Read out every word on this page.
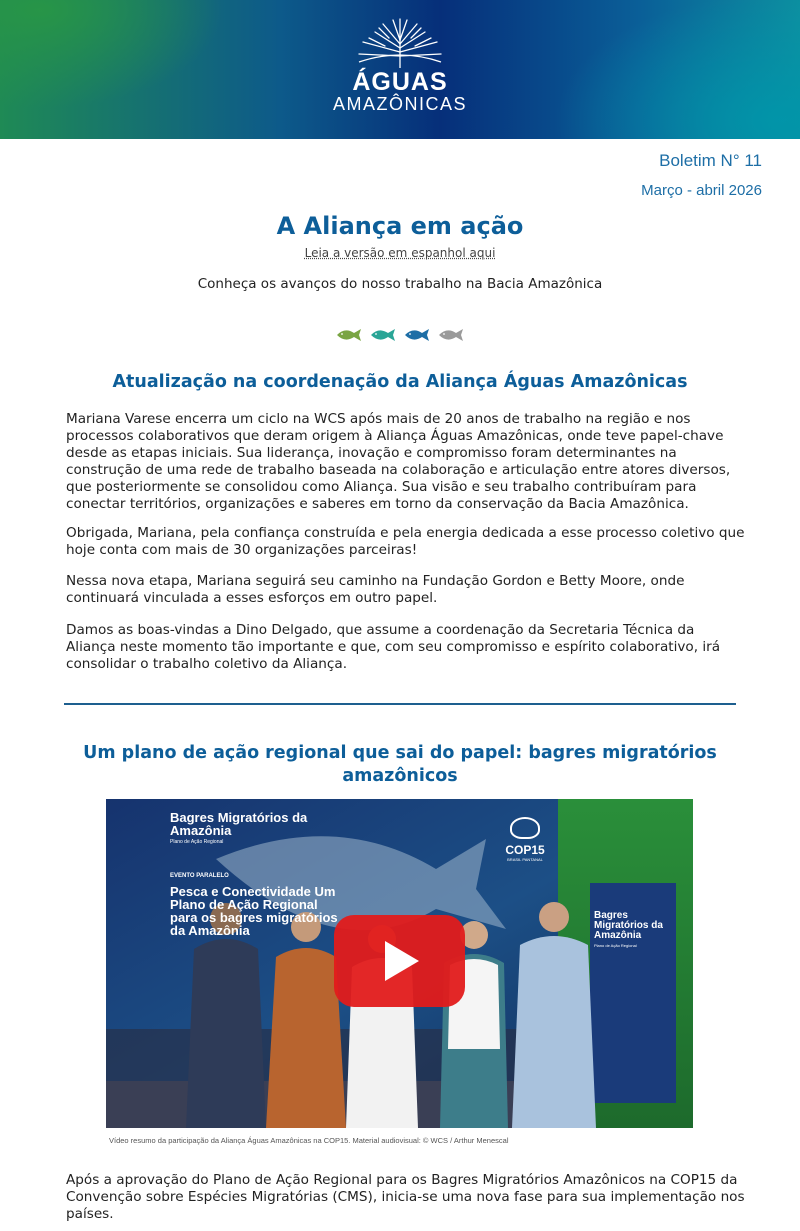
ÁGUAS
AMAZÔNICAS
Boletim N° 11
Março - abril 2026
A Aliança em ação
Leia a versão em espanhol aqui
Conheça os avanços do nosso trabalho na Bacia Amazônica
Atualização na coordenação da Aliança Águas Amazônicas

Mariana Varese encerra um ciclo na WCS após mais de 20 anos de trabalho na região e nos processos colaborativos que deram origem à Aliança Águas Amazônicas, onde teve papel-chave desde as etapas iniciais. Sua liderança, inovação e compromisso foram determinantes na construção de uma rede de trabalho baseada na colaboração e articulação entre atores diversos, que posteriormente se consolidou como Aliança. Sua visão e seu trabalho contribuíram para conectar territórios, organizações e saberes em torno da conservação da Bacia Amazônica.

Obrigada, Mariana, pela confiança construída e pela energia dedicada a esse processo coletivo que hoje conta com mais de 30 organizações parceiras!

Nessa nova etapa, Mariana seguirá seu caminho na Fundação Gordon e Betty Moore, onde continuará vinculada a esses esforços em outro papel.

Damos as boas-vindas a Dino Delgado, que assume a coordenação da Secretaria Técnica da Aliança neste momento tão importante e que, com seu compromisso e espírito colaborativo, irá consolidar o trabalho coletivo da Aliança.

Um plano de ação regional que sai do papel: bagres migratórios amazônicos
Bagres Migratórios da Amazônia
Plano de Ação Regional
EVENTO PARALELO
Pesca e Conectividade Um Plano de Ação Regional para os bagres migratórios da Amazônia
COP15
BRASIL PANTANAL
Bagres Migratórios da Amazônia
Plano de Ação Regional
Vídeo resumo da participação da Aliança Águas Amazônicas na COP15. Material audiovisual: © WCS / Arthur Menescal

Após a aprovação do Plano de Ação Regional para os Bagres Migratórios Amazônicos na COP15 da Convenção sobre Espécies Migratórias (CMS), inicia-se uma nova fase para sua implementação nos países.
